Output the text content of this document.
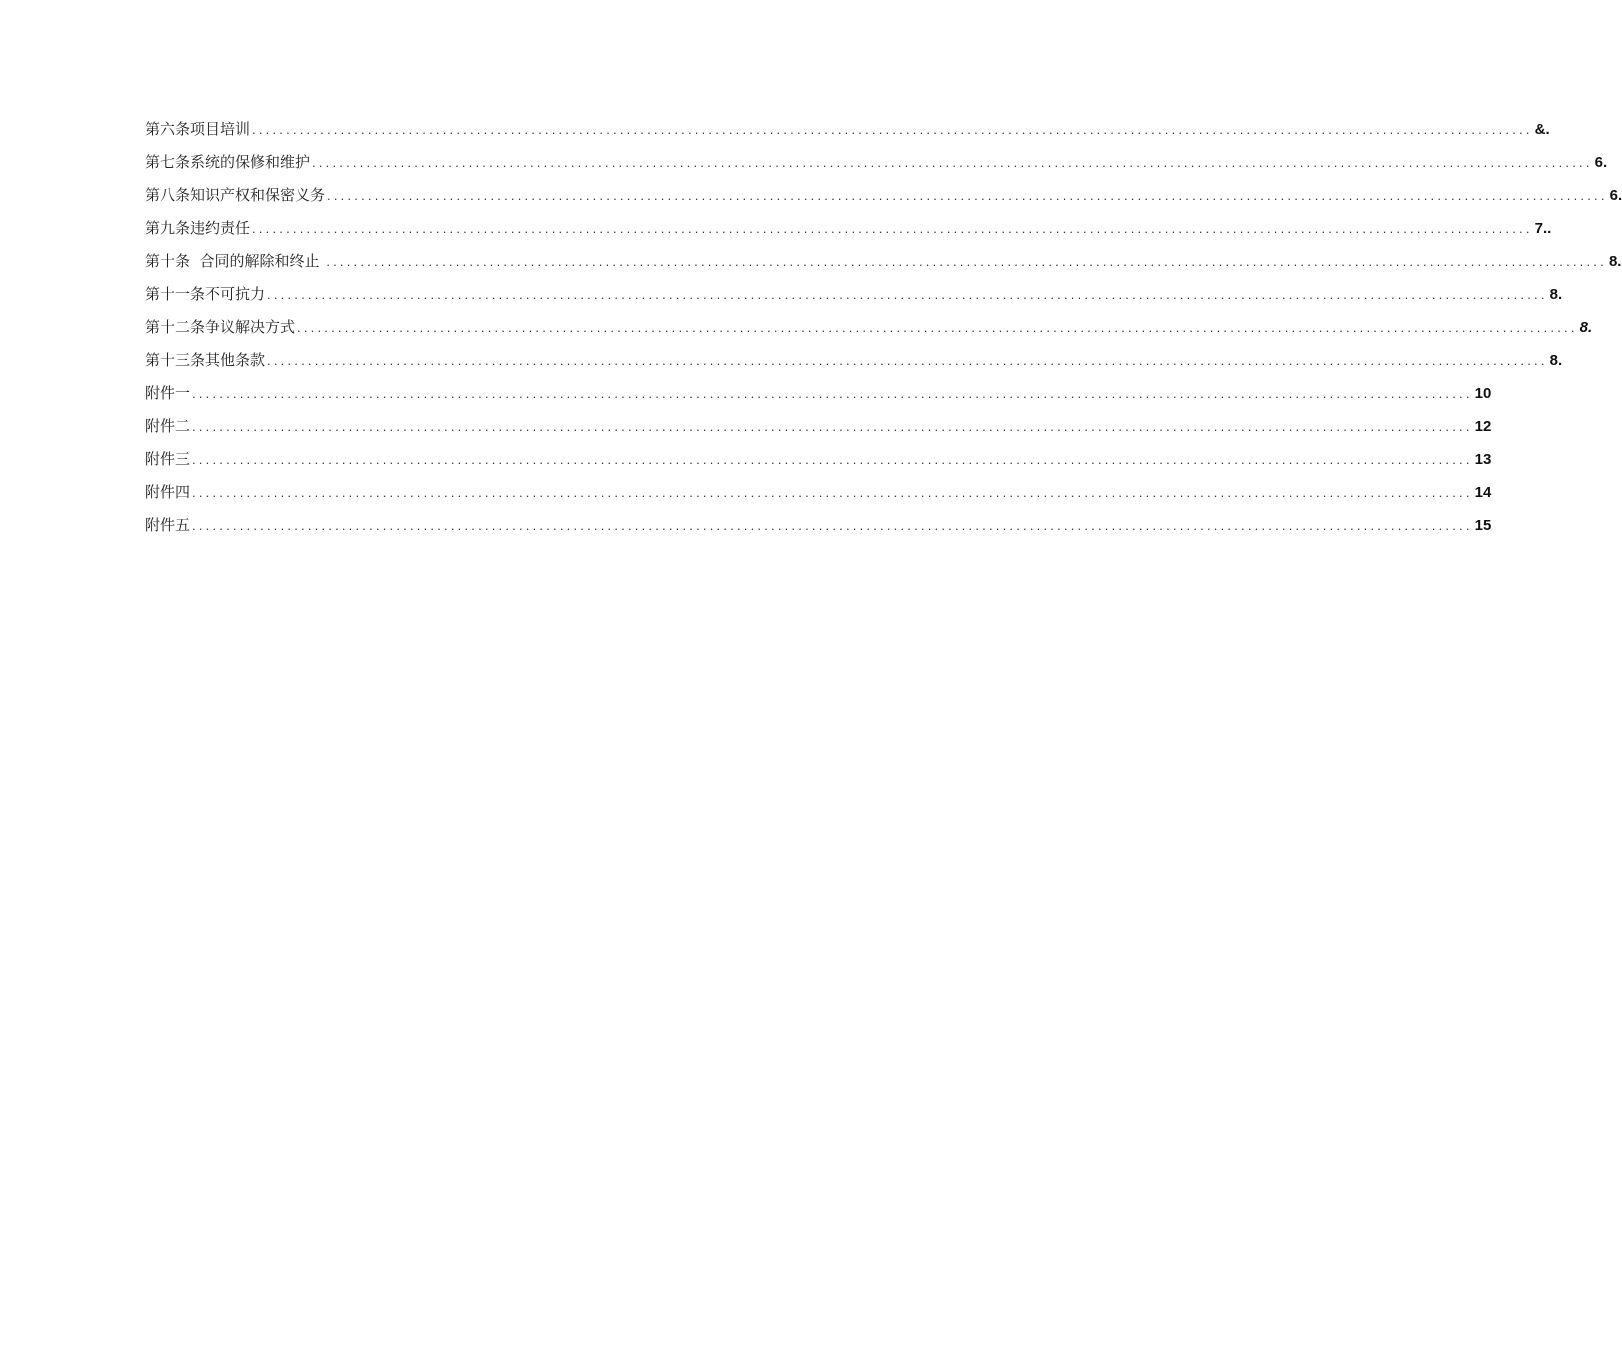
第六条项目培训 ............................................................................................................................................................................................ &.
第七条系统的保修和维护 ............................................................................................................................................................................................ 6.
第八条知识产权和保密义务 ............................................................................................................................................................................................ 6.
第九条违约责任 ............................................................................................................................................................................................ 7..
第十条  合同的解除和终止 ............................................................................................................................................................................................ 8.
第十一条不可抗力 ............................................................................................................................................................................................ 8.
第十二条争议解决方式 ............................................................................................................................................................................................ 8.
第十三条其他条款 ............................................................................................................................................................................................ 8.
附件一 ............................................................................................................................................................................................ 10
附件二 ............................................................................................................................................................................................ 12
附件三 ............................................................................................................................................................................................ 13
附件四 ............................................................................................................................................................................................ 14
附件五 ............................................................................................................................................................................................ 15
